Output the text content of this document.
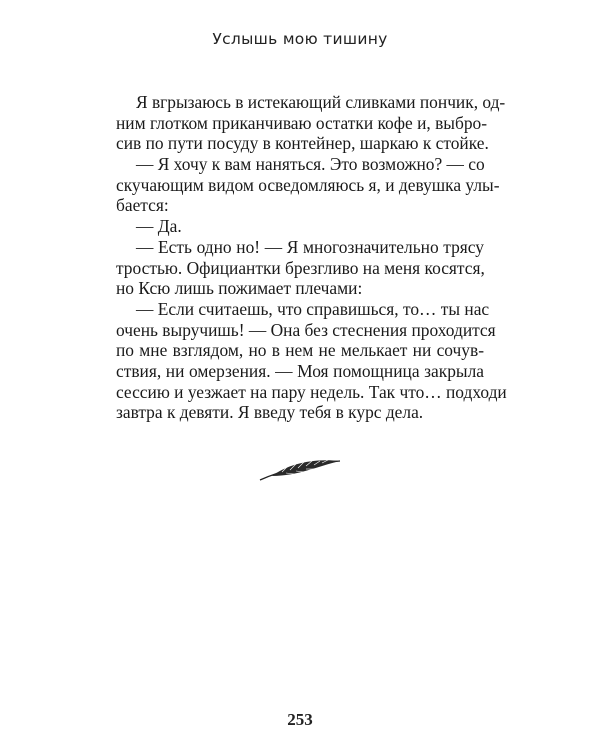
Услышь мою тишину
Я вгрызаюсь в истекающий сливками пончик, од-
ним глотком приканчиваю остатки кофе и, выбро-
сив по пути посуду в контейнер, шаркаю к стойке.
— Я хочу к вам наняться. Это возможно? — со
скучающим видом осведомляюсь я, и девушка улы-
бается:
— Да.
— Есть одно но! — Я многозначительно трясу
тростью. Официантки брезгливо на меня косятся,
но Ксю лишь пожимает плечами:
— Если считаешь, что справишься, то… ты нас
очень выручишь! — Она без стеснения проходится
по мне взглядом, но в нем не мелькает ни сочув-
ствия, ни омерзения. — Моя помощница закрыла
сессию и уезжает на пару недель. Так что… подходи
завтра к девяти. Я введу тебя в курс дела.
253
